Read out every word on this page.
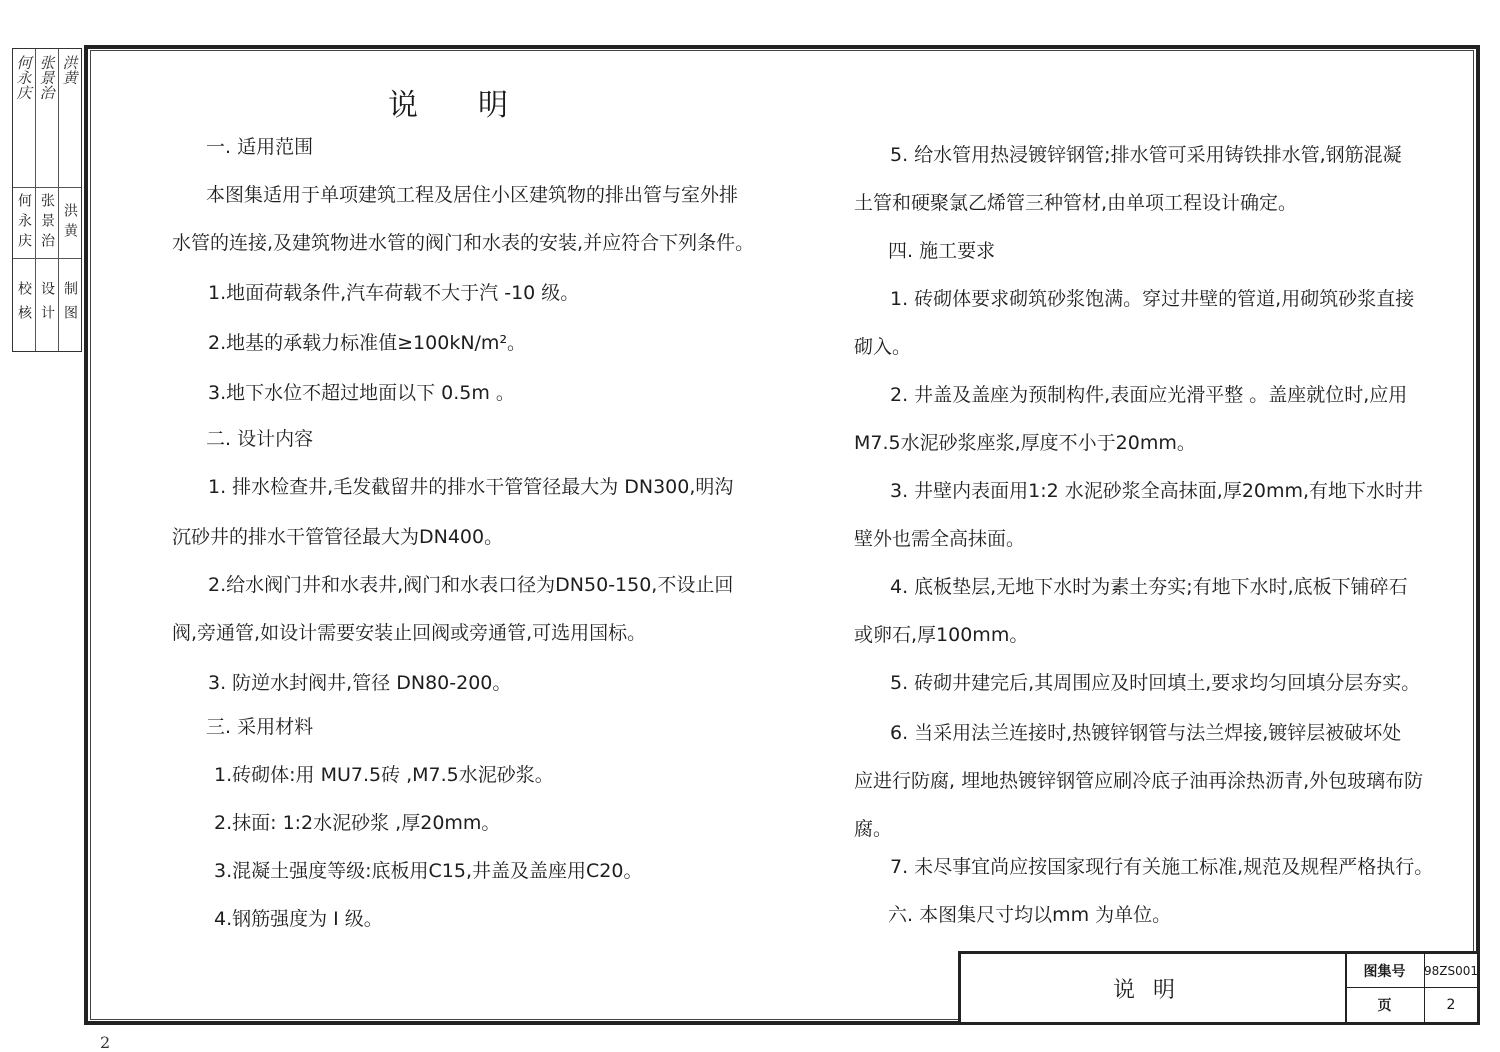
何永庆
何永庆
校核
张景治
张景治
设计
洪黄
洪黄
制图
说明
一. 适用范围
本图集适用于单项建筑工程及居住小区建筑物的排出管与室外排
水管的连接,及建筑物进水管的阀门和水表的安装,并应符合下列条件。
1.地面荷载条件,汽车荷载不大于汽 -10 级。
2.地基的承载力标准值≥100kN/m²。
3.地下水位不超过地面以下 0.5m 。
二. 设计内容
1. 排水检查井,毛发截留井的排水干管管径最大为 DN300,明沟
沉砂井的排水干管管径最大为DN400。
2.给水阀门井和水表井,阀门和水表口径为DN50-150,不设止回
阀,旁通管,如设计需要安装止回阀或旁通管,可选用国标。
3. 防逆水封阀井,管径 DN80-200。
三. 采用材料
1.砖砌体:用 MU7.5砖 ,M7.5水泥砂浆。
2.抹面: 1:2水泥砂浆 ,厚20mm。
3.混凝土强度等级:底板用C15,井盖及盖座用C20。
4.钢筋强度为 I 级。
5. 给水管用热浸镀锌钢管;排水管可采用铸铁排水管,钢筋混凝
土管和硬聚氯乙烯管三种管材,由单项工程设计确定。
四. 施工要求
1. 砖砌体要求砌筑砂浆饱满。穿过井壁的管道,用砌筑砂浆直接
砌入。
2. 井盖及盖座为预制构件,表面应光滑平整 。盖座就位时,应用
M7.5水泥砂浆座浆,厚度不小于20mm。
3. 井壁内表面用1:2 水泥砂浆全高抹面,厚20mm,有地下水时井
壁外也需全高抹面。
4. 底板垫层,无地下水时为素土夯实;有地下水时,底板下铺碎石
或卵石,厚100mm。
5. 砖砌井建完后,其周围应及时回填土,要求均匀回填分层夯实。
6. 当采用法兰连接时,热镀锌钢管与法兰焊接,镀锌层被破坏处
应进行防腐, 埋地热镀锌钢管应刷冷底子油再涂热沥青,外包玻璃布防
腐。
7. 未尽事宜尚应按国家现行有关施工标准,规范及规程严格执行。
六. 本图集尺寸均以mm 为单位。
说明
图集号	98ZS001
页	2
2
